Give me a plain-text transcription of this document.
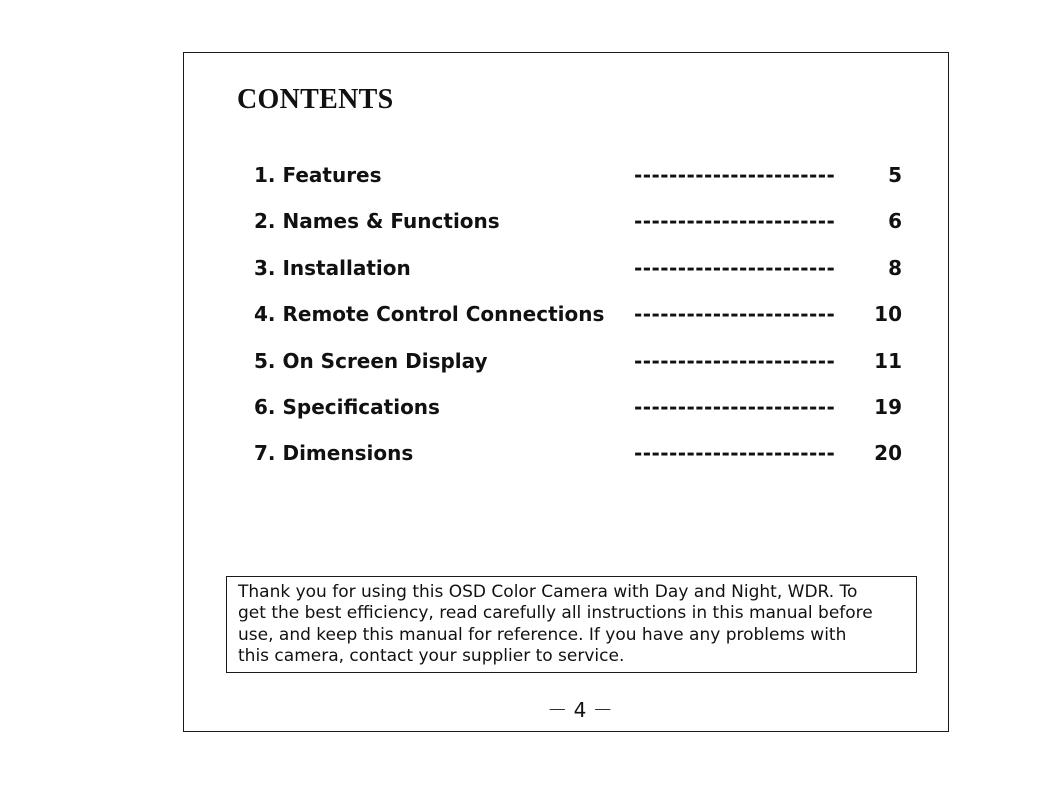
CONTENTS
1. Features	-----------------------	5
2. Names & Functions	-----------------------	6
3. Installation	-----------------------	8
4. Remote Control Connections ----------------------- 10
5. On Screen Display	----------------------- 11
6. Specifications	----------------------- 19
7. Dimensions	----------------------- 20
Thank you for using this OSD Color Camera with Day and Night, WDR. To
get the best efficiency, read carefully all instructions in this manual before
use, and keep this manual for reference. If you have any problems with
this camera, contact your supplier to service.
－ 4 －
